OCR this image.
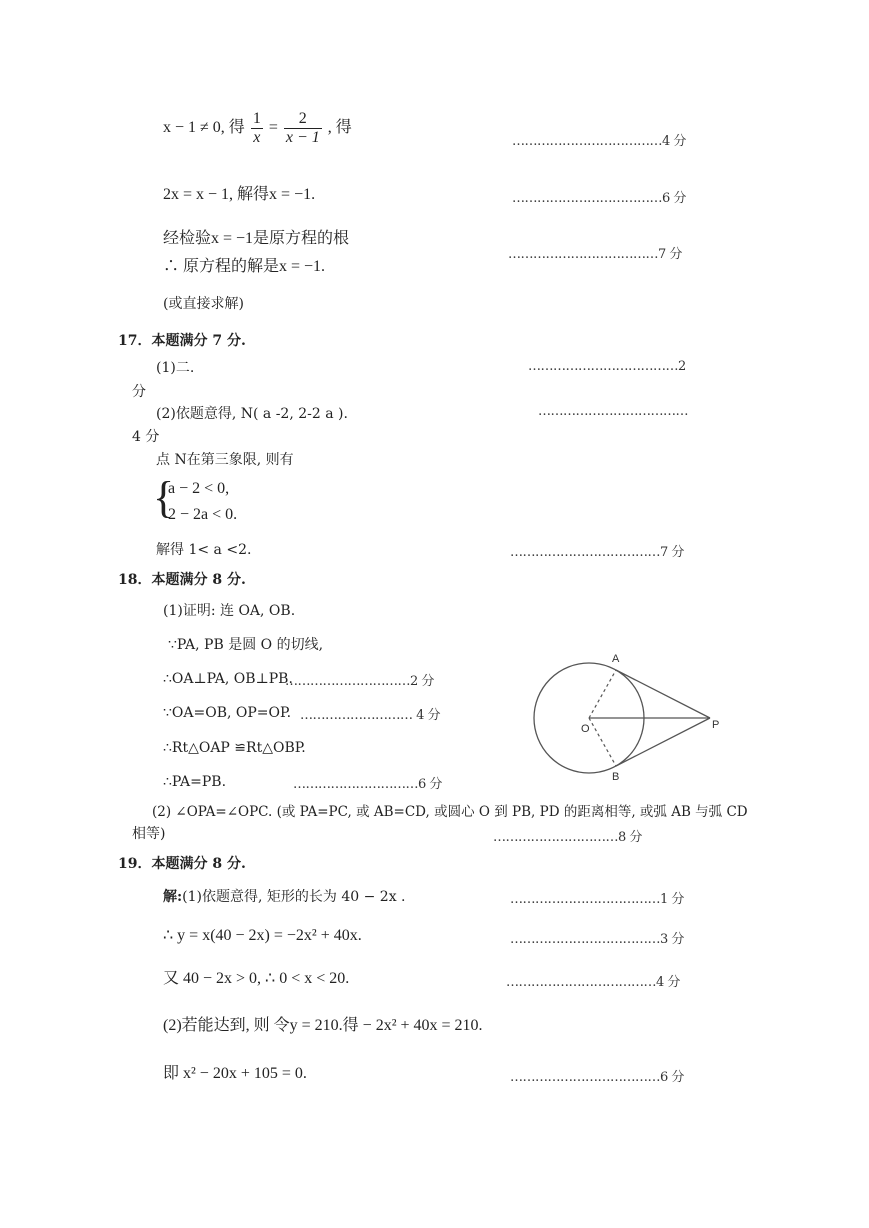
x − 1 ≠ 0, 得 $\frac{1}{x} = \frac{2}{x - 1}$ , 得
………………………………4 分
2x = x − 1, 解得x = −1.	………………………………6 分
经检验x = −1是原方程的根
∴ 原方程的解是x = −1.
………………………………7 分
(或直接求解)
17．本题满分 7 分.
(1)二.	………………………………2
分
(2)依题意得, N( a -2, 2-2 a ).	………………………………
4 分
点 N在第三象限, 则有
{
a − 2 < 0,
2 − 2a < 0.
解得 1< a <2.	………………………………7 分
18．本题满分 8 分.
(1)证明: 连 OA, OB.
∵PA, PB 是圆 O 的切线,
∴OA⊥PA, OB⊥PB.
…………………………2 分
∵OA=OB, OP=OP. ……………………… 4 分
∴Rt△OAP ≌Rt△OBP.
∴PA=PB.	…………………………6 分
A
B
O	P
(2) ∠OPA=∠OPC. (或 PA=PC, 或 AB=CD, 或圆心 O 到 PB, PD 的距离相等, 或弧 AB 与弧 CD
相等)	…………………………8 分
19．本题满分 8 分.
解:(1)依题意得, 矩形的长为 40 − 2x .	………………………………1 分
∴ y = x(40 − 2x) = −2x² + 40x.	………………………………3 分
又 40 − 2x > 0, ∴ 0 < x < 20.	………………………………4 分
(2)若能达到, 则 令y = 210.得 − 2x² + 40x = 210.
即 x² − 20x + 105 = 0.	………………………………6 分
